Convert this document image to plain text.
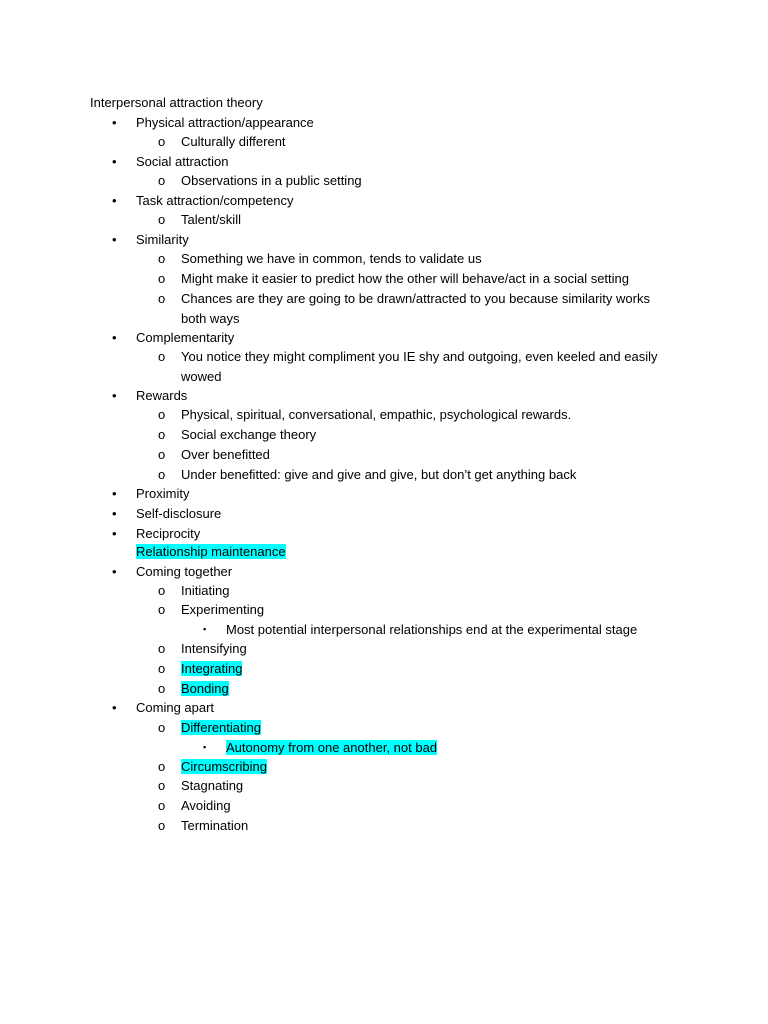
Interpersonal attraction theory
• Physical attraction/appearance
o Culturally different
• Social attraction
o Observations in a public setting
• Task attraction/competency
o Talent/skill
• Similarity
o Something we have in common, tends to validate us
o Might make it easier to predict how the other will behave/act in a social setting
o Chances are they are going to be drawn/attracted to you because similarity works both ways
• Complementarity
o You notice they might compliment you IE shy and outgoing, even keeled and easily wowed
• Rewards
o Physical, spiritual, conversational, empathic, psychological rewards.
o Social exchange theory
o Over benefitted
o Under benefitted: give and give and give, but don’t get anything back
• Proximity
• Self-disclosure
• Reciprocity
Relationship maintenance
• Coming together
o Initiating
o Experimenting
▪ Most potential interpersonal relationships end at the experimental stage
o Intensifying
o Integrating
o Bonding
• Coming apart
o Differentiating
▪ Autonomy from one another, not bad
o Circumscribing
o Stagnating
o Avoiding
o Termination
